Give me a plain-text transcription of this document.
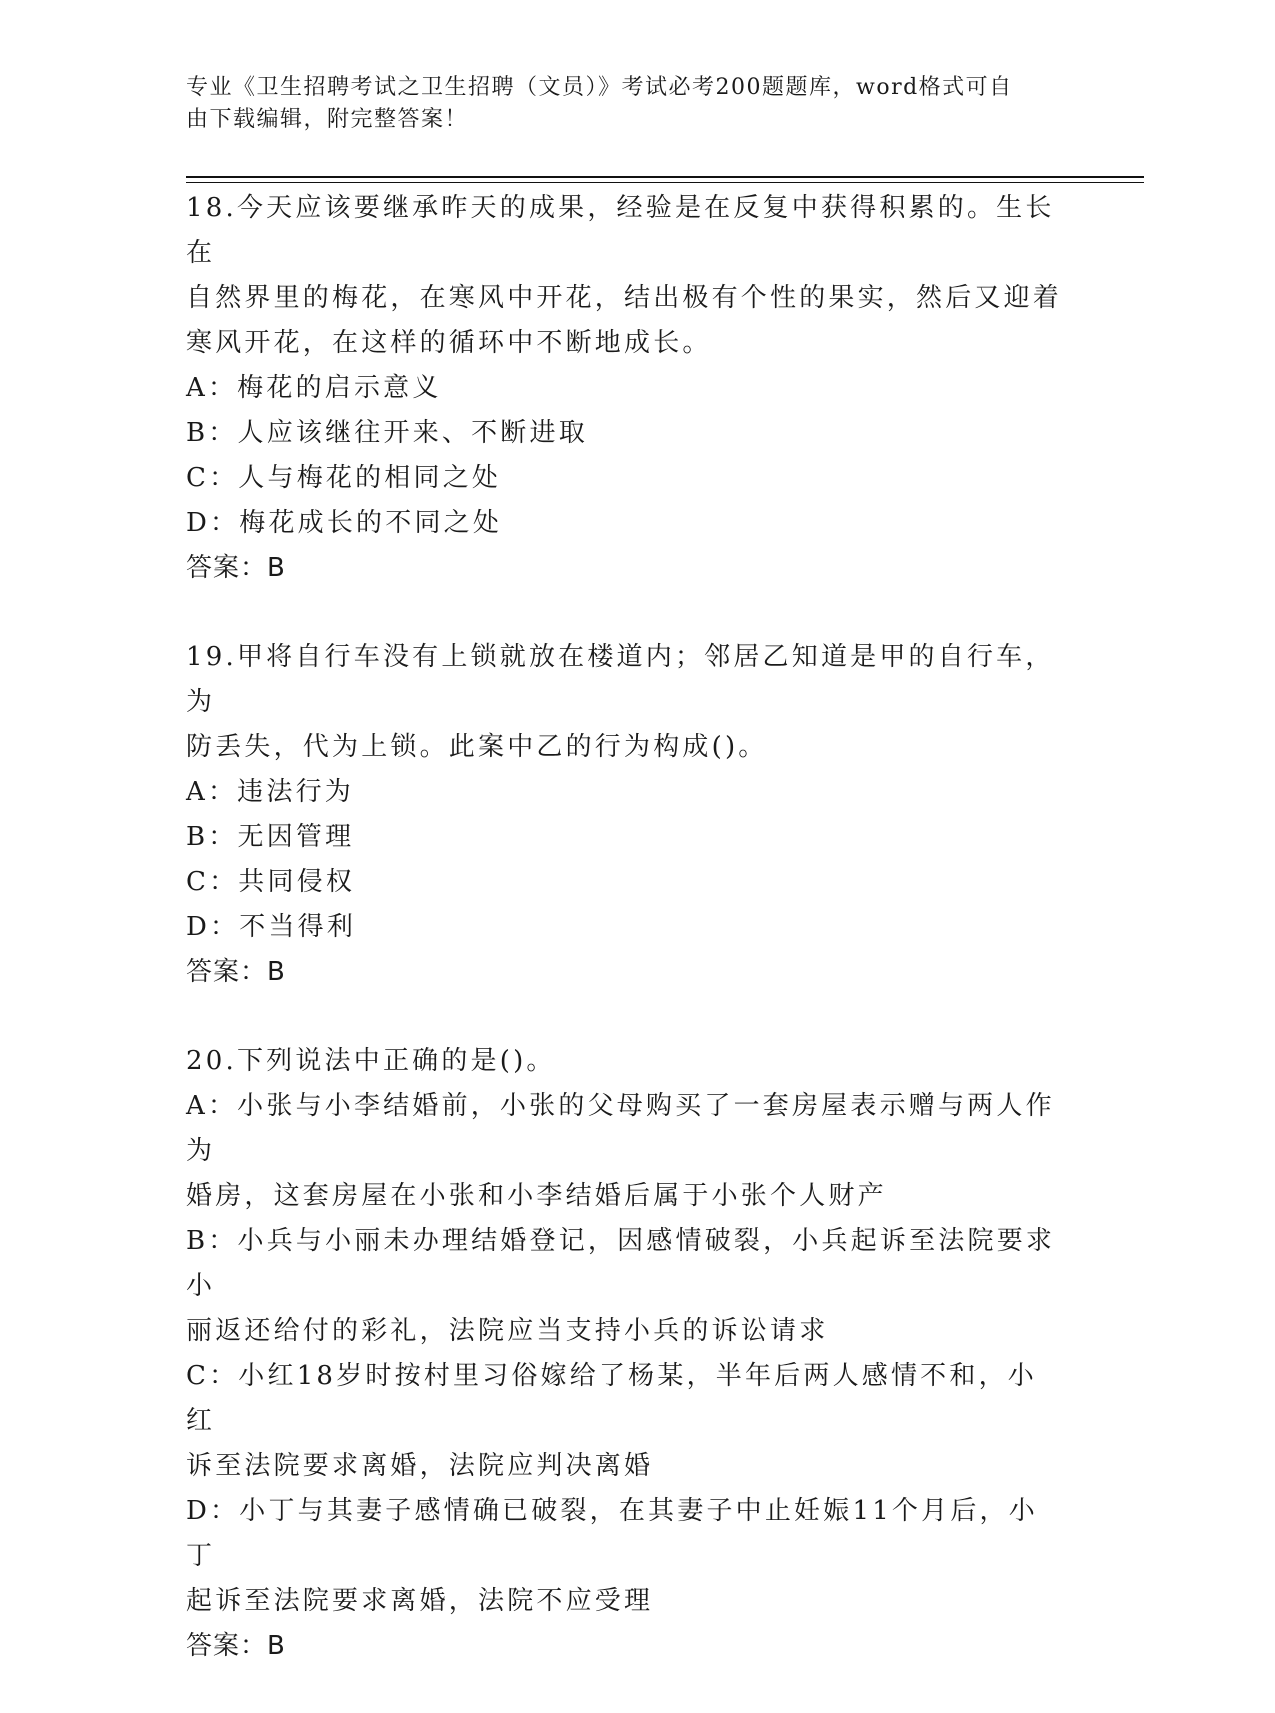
专业《卫生招聘考试之卫生招聘（文员）》考试必考200题题库，word格式可自
由下载编辑，附完整答案！

18.今天应该要继承昨天的成果，经验是在反复中获得积累的。生长在

自然界里的梅花，在寒风中开花，结出极有个性的果实，然后又迎着

寒风开花，在这样的循环中不断地成长。

A：梅花的启示意义

B：人应该继往开来、不断进取

C：人与梅花的相同之处

D：梅花成长的不同之处

答案：B

19.甲将自行车没有上锁就放在楼道内；邻居乙知道是甲的自行车，为

防丢失，代为上锁。此案中乙的行为构成()。

A：违法行为

B：无因管理

C：共同侵权

D：不当得利

答案：B

20.下列说法中正确的是()。

A：小张与小李结婚前，小张的父母购买了一套房屋表示赠与两人作为

婚房，这套房屋在小张和小李结婚后属于小张个人财产

B：小兵与小丽未办理结婚登记，因感情破裂，小兵起诉至法院要求小

丽返还给付的彩礼，法院应当支持小兵的诉讼请求

C：小红18岁时按村里习俗嫁给了杨某，半年后两人感情不和，小红

诉至法院要求离婚，法院应判决离婚

D：小丁与其妻子感情确已破裂，在其妻子中止妊娠11个月后，小丁

起诉至法院要求离婚，法院不应受理

答案：B
